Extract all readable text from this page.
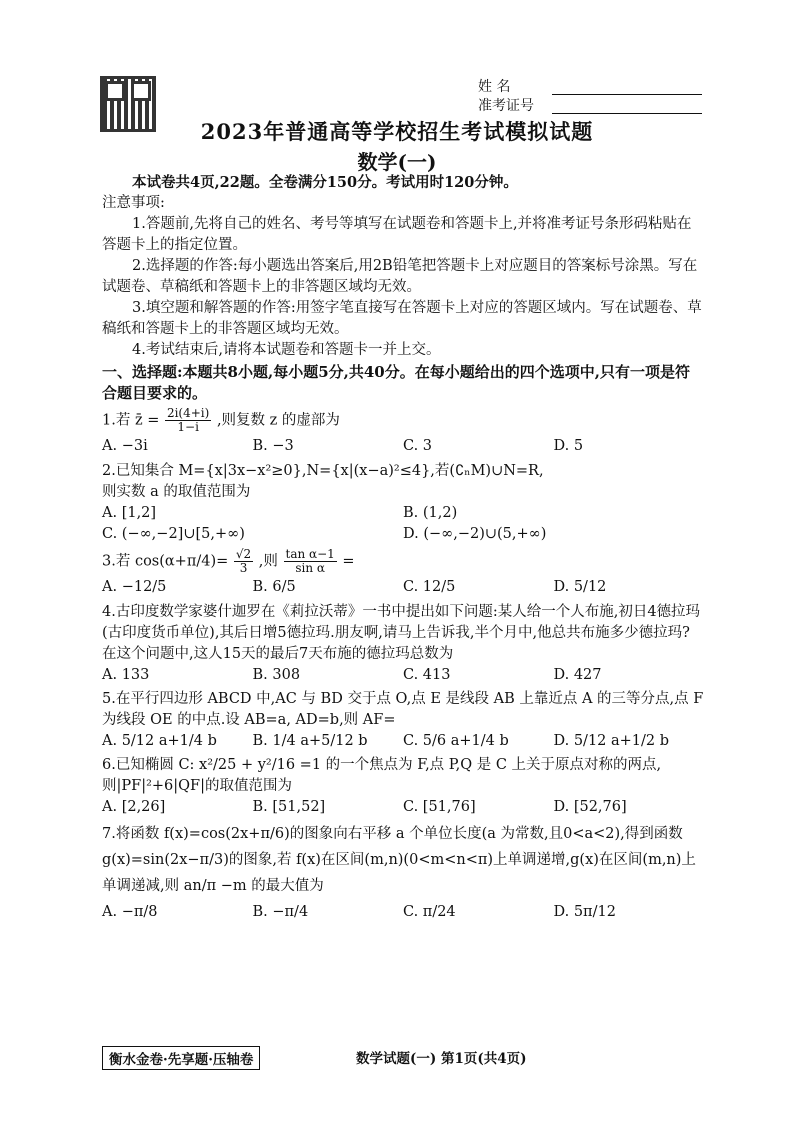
姓 名
准考证号
2023年普通高等学校招生考试模拟试题
数学(一)
本试卷共4页,22题。全卷满分150分。考试用时120分钟。
注意事项:
1.答题前,先将自己的姓名、考号等填写在试题卷和答题卡上,并将准考证号条形码粘贴在答题卡上的指定位置。
2.选择题的作答:每小题选出答案后,用2B铅笔把答题卡上对应题目的答案标号涂黑。写在试题卷、草稿纸和答题卡上的非答题区域均无效。
3.填空题和解答题的作答:用签字笔直接写在答题卡上对应的答题区域内。写在试题卷、草稿纸和答题卡上的非答题区域均无效。
4.考试结束后,请将本试题卷和答题卡一并上交。
一、选择题:本题共8小题,每小题5分,共40分。在每小题给出的四个选项中,只有一项是符合题目要求的。
1.若 z̄ = $\frac{2i(4+i)}{1-i}$ ,则复数 z 的虚部为
A. −3i	B. −3	C. 3	D. 5
2.已知集合 M={x|3x−x²≥0},N={x|(x−a)²≤4},若(∁ₙM)∪N=R,
则实数 a 的取值范围为
A. [1,2]	B. (1,2)
C. (−∞,−2]∪[5,+∞)	D. (−∞,−2)∪(5,+∞)
3.若 $\cos(\alpha+\pi/4)= \frac{√2}{3}$ ,则 $\frac{\text{tan α−1}}{\text{sin α}}$ =
A. −12/5	B. 6/5	C. 12/5	D. 5/12
4.古印度数学家婆什迦罗在《莉拉沃蒂》一书中提出如下问题:某人给一个人布施,初日4德拉玛(古印度货币单位),其后日增5德拉玛.朋友啊,请马上告诉我,半个月中,他总共布施多少德拉玛?在这个问题中,这人15天的最后7天布施的德拉玛总数为
A. 133	B. 308	C. 413	D. 427
5.在平行四边形 ABCD 中,AC 与 BD 交于点 O,点 E 是线段 AB 上靠近点 A 的三等分点,点 F 为线段 OE 的中点.设 AB=a, AD=b,则 AF=
A. 5/12 a+1/4 b	B. 1/4 a+5/12 b	C. 5/6 a+1/4 b	D. 5/12 a+1/2 b
6.已知椭圆 C: x²/25 + y²/16 =1 的一个焦点为 F,点 P,Q 是 C 上关于原点对称的两点,则|PF|²+6|QF|的取值范围为
A. [2,26]	B. [51,52]	C. [51,76]	D. [52,76]
7.将函数 f(x)=cos(2x+π/6)的图象向右平移 a 个单位长度(a 为常数,且0<a<2),得到函数 g(x)=sin(2x−π/3)的图象,若 f(x)在区间(m,n)(0<m<n<π)上单调递增,g(x)在区间(m,n)上单调递减,则 an/π −m 的最大值为
A. −π/8	B. −π/4	C. π/24	D. 5π/12
衡水金卷·先享题·压轴卷	数学试题(一) 第1页(共4页)
